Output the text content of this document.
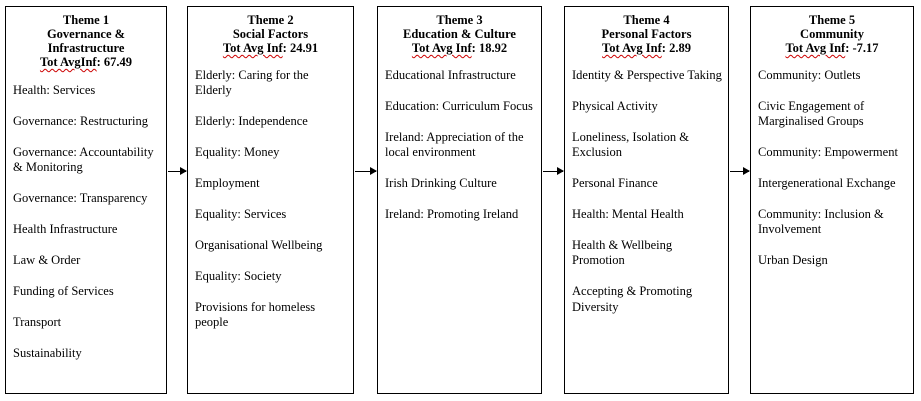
Theme 1
Governance &
Infrastructure
Tot AvgInf: 67.49
Health: Services
Governance: Restructuring
Governance: Accountability & Monitoring
Governance: Transparency
Health Infrastructure
Law & Order
Funding of Services
Transport
Sustainability
Theme 2
Social Factors
Tot Avg Inf: 24.91
Elderly: Caring for the Elderly
Elderly: Independence
Equality: Money
Employment
Equality: Services
Organisational Wellbeing
Equality: Society
Provisions for homeless people
Theme 3
Education & Culture
Tot Avg Inf: 18.92
Educational Infrastructure
Education: Curriculum Focus
Ireland: Appreciation of the local environment
Irish Drinking Culture
Ireland: Promoting Ireland
Theme 4
Personal Factors
Tot Avg Inf: 2.89
Identity & Perspective Taking
Physical Activity
Loneliness, Isolation & Exclusion
Personal Finance
Health: Mental Health
Health & Wellbeing Promotion
Accepting & Promoting Diversity
Theme 5
Community
Tot Avg Inf: -7.17
Community: Outlets
Civic Engagement of Marginalised Groups
Community: Empowerment
Intergenerational Exchange
Community: Inclusion & Involvement
Urban Design
